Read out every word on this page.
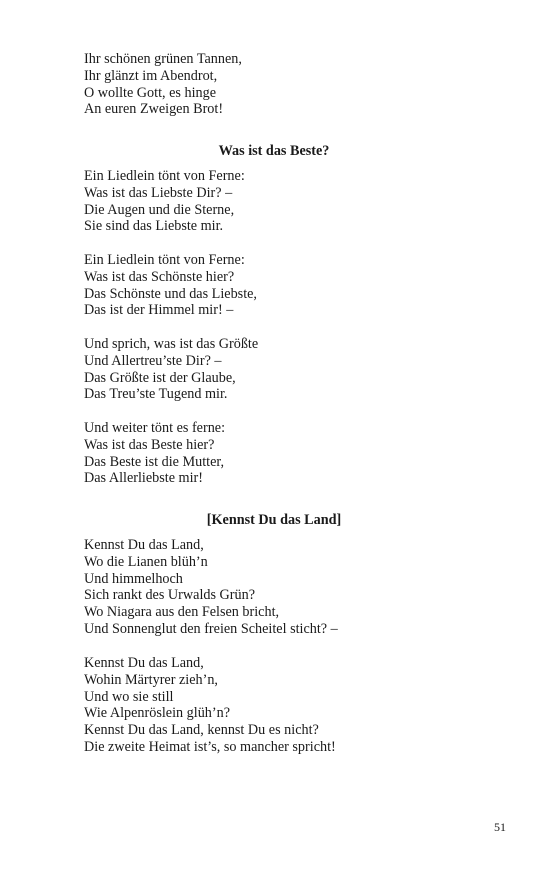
Ihr schönen grünen Tannen,
Ihr glänzt im Abendrot,
O wollte Gott, es hinge
An euren Zweigen Brot!
Was ist das Beste?
Ein Liedlein tönt von Ferne:
Was ist das Liebste Dir? –
Die Augen und die Sterne,
Sie sind das Liebste mir.
Ein Liedlein tönt von Ferne:
Was ist das Schönste hier?
Das Schönste und das Liebste,
Das ist der Himmel mir! –
Und sprich, was ist das Größte
Und Allertreu’ste Dir? –
Das Größte ist der Glaube,
Das Treu’ste Tugend mir.
Und weiter tönt es ferne:
Was ist das Beste hier?
Das Beste ist die Mutter,
Das Allerliebste mir!
[Kennst Du das Land]
Kennst Du das Land,
Wo die Lianen blüh’n
Und himmelhoch
Sich rankt des Urwalds Grün?
Wo Niagara aus den Felsen bricht,
Und Sonnenglut den freien Scheitel sticht? –
Kennst Du das Land,
Wohin Märtyrer zieh’n,
Und wo sie still
Wie Alpenröslein glüh’n?
Kennst Du das Land, kennst Du es nicht?
Die zweite Heimat ist’s, so mancher spricht!
51
